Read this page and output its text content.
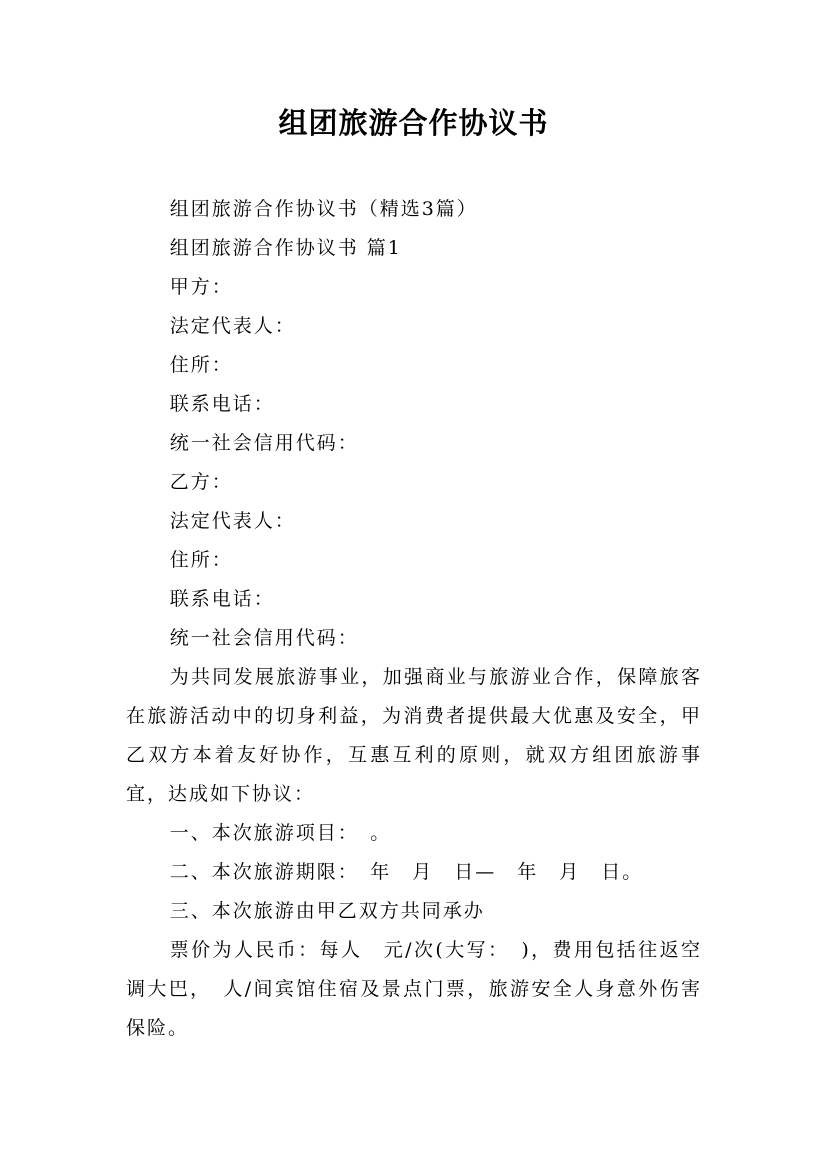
组团旅游合作协议书

组团旅游合作协议书（精选3篇）

组团旅游合作协议书 篇1

甲方：

法定代表人：

住所：

联系电话：

统一社会信用代码：

乙方：

法定代表人：

住所：

联系电话：

统一社会信用代码：

为共同发展旅游事业，加强商业与旅游业合作，保障旅客在旅游活动中的切身利益，为消费者提供最大优惠及安全，甲乙双方本着友好协作，互惠互利的原则，就双方组团旅游事宜，达成如下协议：

一、本次旅游项目：　。

二、本次旅游期限：　年　月　日—　年　月　日。

三、本次旅游由甲乙双方共同承办

票价为人民币：每人　元/次(大写：　)，费用包括往返空调大巴，　人/间宾馆住宿及景点门票，旅游安全人身意外伤害保险。
